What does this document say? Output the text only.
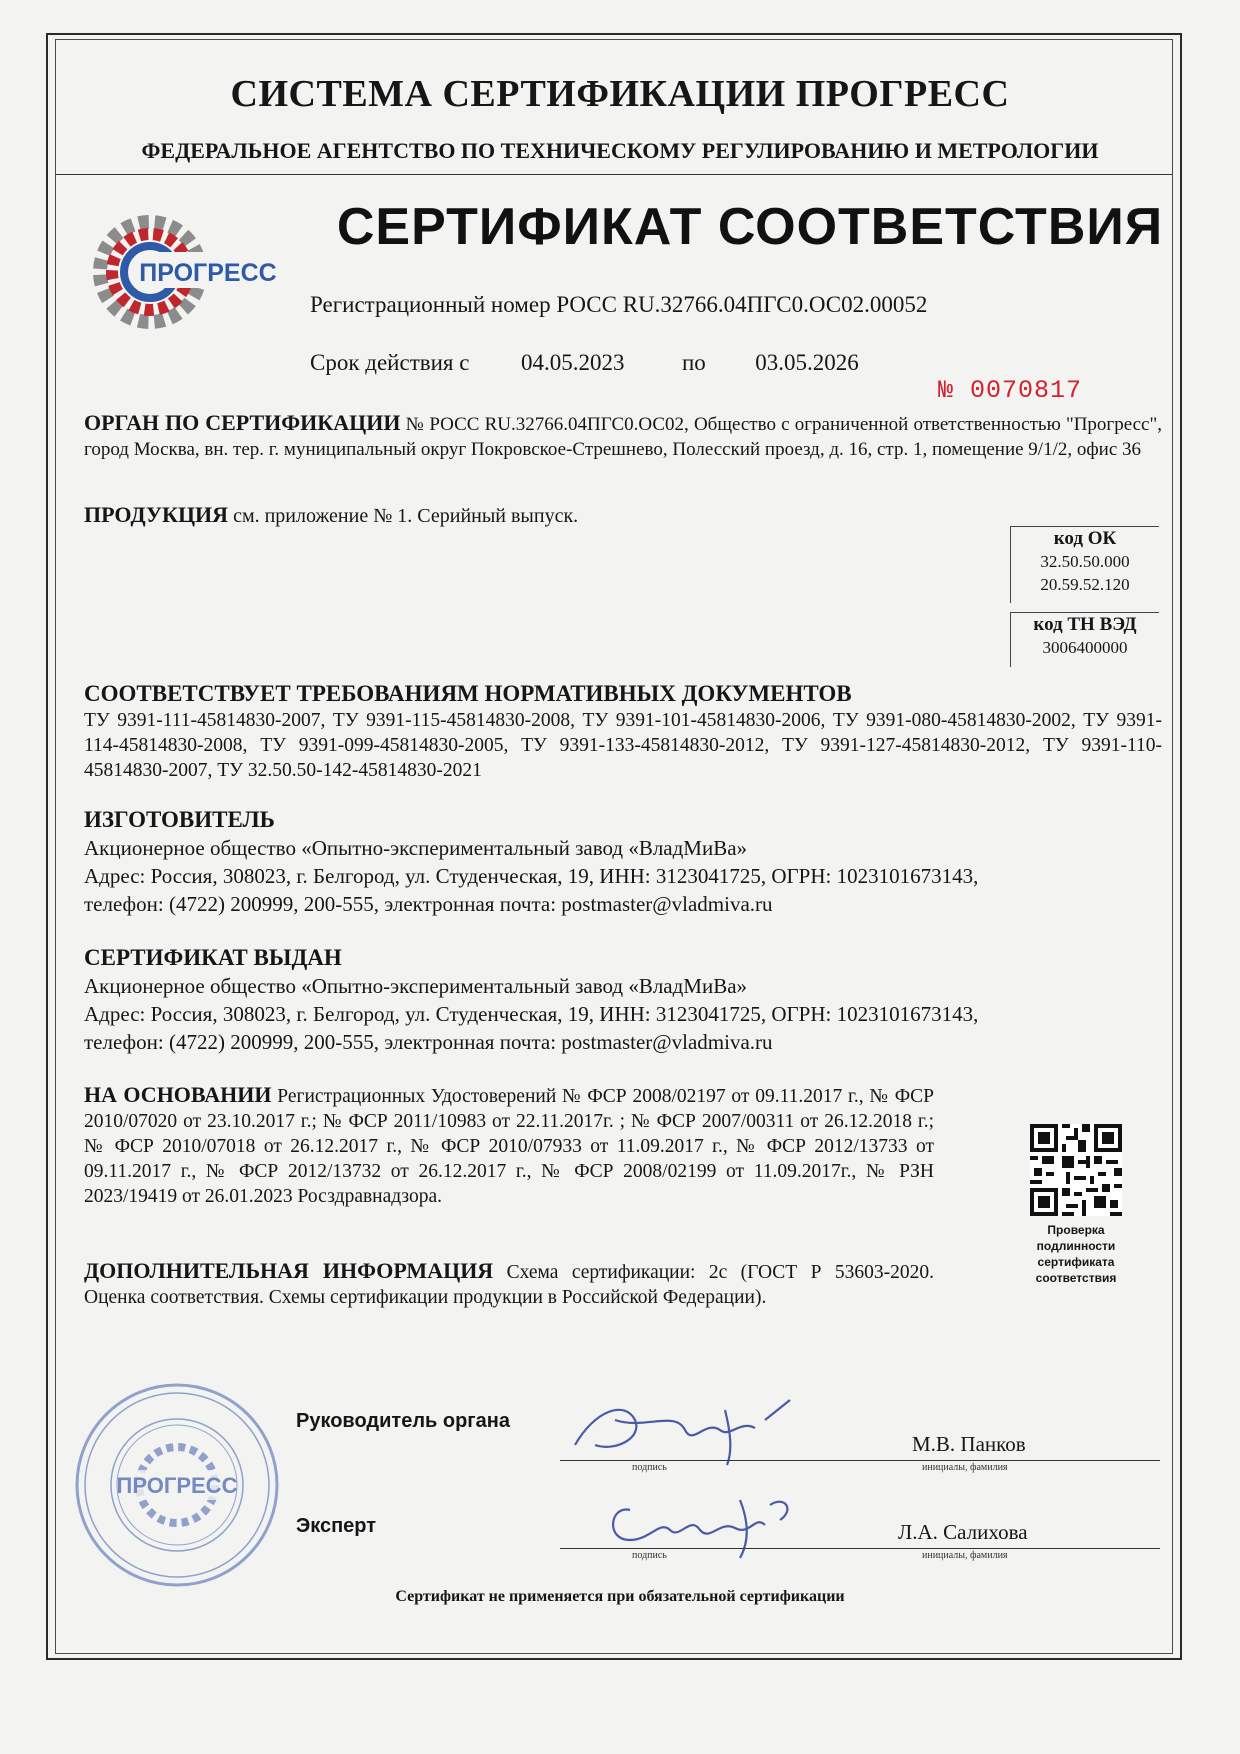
СИСТЕМА СЕРТИФИКАЦИИ ПРОГРЕСС
ФЕДЕРАЛЬНОЕ АГЕНТСТВО ПО ТЕХНИЧЕСКОМУ РЕГУЛИРОВАНИЮ И МЕТРОЛОГИИ
ПРОГРЕСС
СЕРТИФИКАТ СООТВЕТСТВИЯ
Регистрационный номер РОСС RU.32766.04ПГС0.ОС02.00052
Срок действия с 04.05.2023	по 03.05.2026
№ 0070817
ОРГАН ПО СЕРТИФИКАЦИИ № РОСС RU.32766.04ПГС0.ОС02, Общество с ограниченной ответственностью "Прогресс", город Москва, вн. тер. г. муниципальный округ Покровское-Стрешнево, Полесский проезд, д. 16, стр. 1, помещение 9/1/2, офис 36
ПРОДУКЦИЯ см. приложение № 1. Серийный выпуск.
код ОК
32.50.50.000
20.59.52.120
код ТН ВЭД
3006400000
СООТВЕТСТВУЕТ ТРЕБОВАНИЯМ НОРМАТИВНЫХ ДОКУМЕНТОВ
ТУ 9391-111-45814830-2007, ТУ 9391-115-45814830-2008, ТУ 9391-101-45814830-2006, ТУ 9391-080-45814830-2002, ТУ 9391-114-45814830-2008, ТУ 9391-099-45814830-2005, ТУ 9391-133-45814830-2012, ТУ 9391-127-45814830-2012, ТУ 9391-110-45814830-2007, ТУ 32.50.50-142-45814830-2021
ИЗГОТОВИТЕЛЬ
Акционерное общество «Опытно-экспериментальный завод «ВладМиВа»
Адрес: Россия, 308023, г. Белгород, ул. Студенческая, 19, ИНН: 3123041725, ОГРН: 1023101673143,
телефон: (4722) 200999, 200-555, электронная почта: postmaster@vladmiva.ru
СЕРТИФИКАТ ВЫДАН
Акционерное общество «Опытно-экспериментальный завод «ВладМиВа»
Адрес: Россия, 308023, г. Белгород, ул. Студенческая, 19, ИНН: 3123041725, ОГРН: 1023101673143,
телефон: (4722) 200999, 200-555, электронная почта: postmaster@vladmiva.ru
НА ОСНОВАНИИ Регистрационных Удостоверений № ФСР 2008/02197 от 09.11.2017 г., № ФСР 2010/07020 от 23.10.2017 г.; № ФСР 2011/10983 от 22.11.2017г. ; № ФСР 2007/00311 от 26.12.2018 г.; № ФСР 2010/07018 от 26.12.2017 г., № ФСР 2010/07933 от 11.09.2017 г., № ФСР 2012/13733 от 09.11.2017 г., № ФСР 2012/13732 от 26.12.2017 г., № ФСР 2008/02199 от 11.09.2017г., № РЗН 2023/19419 от 26.01.2023 Росздравнадзора.
Проверка
подлинности
сертификата
соответствия
ДОПОЛНИТЕЛЬНАЯ ИНФОРМАЦИЯ Схема сертификации: 2с (ГОСТ Р 53603-2020. Оценка соответствия. Схемы сертификации продукции в Российской Федерации).
ПРОГРЕСС
Руководитель органа
подпись	инициалы, фамилия
М.В. Панков
Эксперт
подпись	инициалы, фамилия
Л.А. Салихова
Сертификат не применяется при обязательной сертификации
